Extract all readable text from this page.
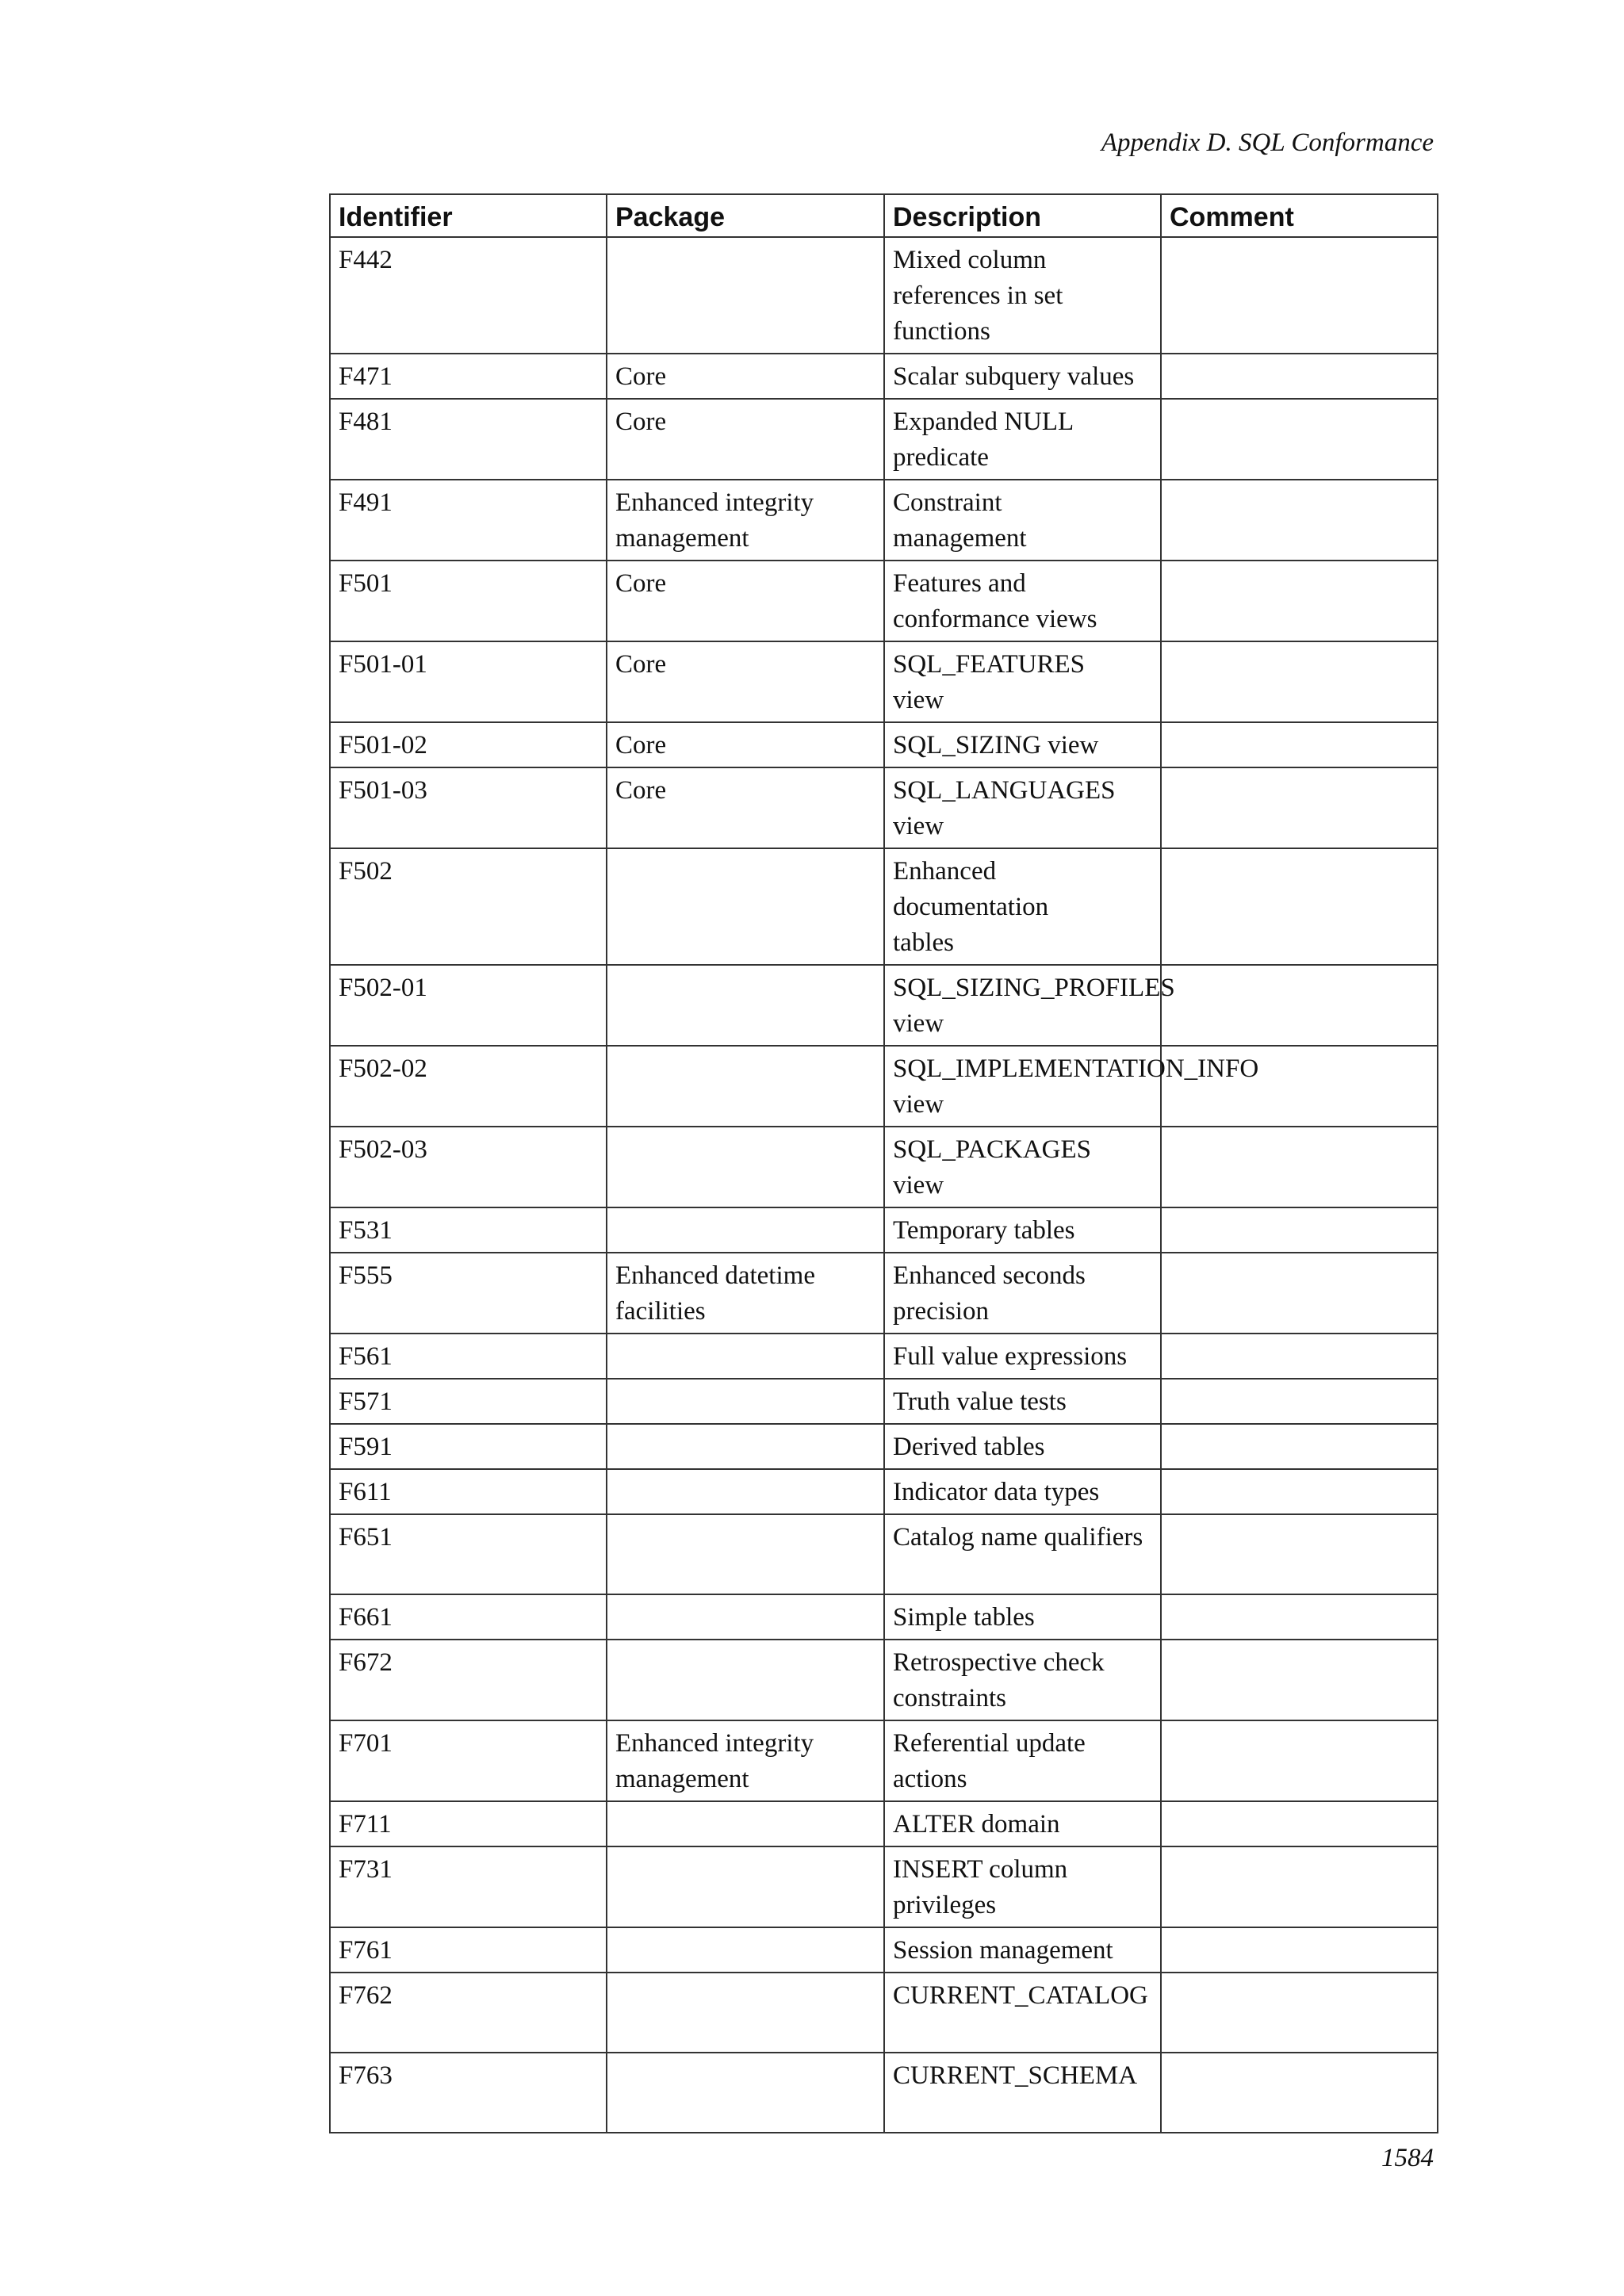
Appendix D. SQL Conformance
Identifier	Package	Description	Comment
F442		Mixed column references in set functions	

F471	Core	Scalar subquery values	

F481	Core	Expanded NULL predicate	

F491	Enhanced integrity management	Constraint management	

F501	Core	Features and conformance views	

F501-01	Core	SQL_FEATURES view	

F501-02	Core	SQL_SIZING view	

F501-03	Core	SQL_LANGUAGES view	

F502		Enhanced documentation tables	

F502-01		SQL_SIZING_PROFILES view	

F502-02		SQL_IMPLEMENTATION_INFO view	

F502-03		SQL_PACKAGES view	

F531		Temporary tables	

F555	Enhanced datetime facilities	Enhanced seconds precision	

F561		Full value expressions	

F571		Truth value tests	

F591		Derived tables	

F611		Indicator data types	

F651		Catalog name qualifiers	

F661		Simple tables	

F672		Retrospective check constraints	

F701	Enhanced integrity management	Referential update actions	

F711		ALTER domain	

F731		INSERT column privileges	

F761		Session management	

F762		CURRENT_CATALOG	

F763		CURRENT_SCHEMA	

1584
